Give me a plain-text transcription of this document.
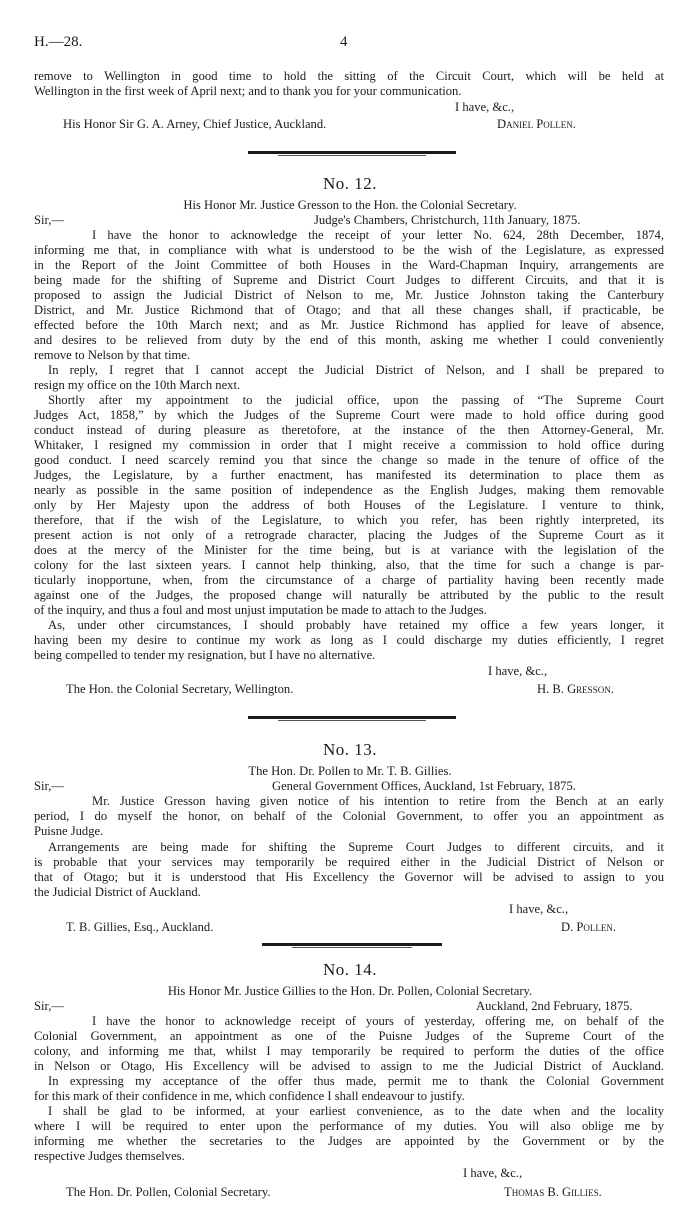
H.—28.	4
remove to Wellington in good time to hold the sitting of the Circuit Court, which will be held at
Wellington in the first week of April next; and to thank you for your communication.
I have, &c.,
His Honor Sir G. A. Arney, Chief Justice, Auckland.	Daniel Pollen.
No. 12.
His Honor Mr. Justice Gresson to the Hon. the Colonial Secretary.
Sir,—	Judge's Chambers, Christchurch, 11th January, 1875.
I have the honor to acknowledge the receipt of your letter No. 624, 28th December, 1874,
informing me that, in compliance with what is understood to be the wish of the Legislature, as expressed
in the Report of the Joint Committee of both Houses in the Ward-Chapman Inquiry, arrangements are
being made for the shifting of Supreme and District Court Judges to different Circuits, and that it is
proposed to assign the Judicial District of Nelson to me, Mr. Justice Johnston taking the Canterbury
District, and Mr. Justice Richmond that of Otago; and that all these changes shall, if practicable, be
effected before the 10th March next; and as Mr. Justice Richmond has applied for leave of absence,
and desires to be relieved from duty by the end of this month, asking me whether I could conveniently
remove to Nelson by that time.
In reply, I regret that I cannot accept the Judicial District of Nelson, and I shall be prepared to
resign my office on the 10th March next.
Shortly after my appointment to the judicial office, upon the passing of “The Supreme Court
Judges Act, 1858,” by which the Judges of the Supreme Court were made to hold office during good
conduct instead of during pleasure as theretofore, at the instance of the then Attorney-General, Mr.
Whitaker, I resigned my commission in order that I might receive a commission to hold office during
good conduct. I need scarcely remind you that since the change so made in the tenure of office of the
Judges, the Legislature, by a further enactment, has manifested its determination to place them as
nearly as possible in the same position of independence as the English Judges, making them removable
only by Her Majesty upon the address of both Houses of the Legislature. I venture to think,
therefore, that if the wish of the Legislature, to which you refer, has been rightly interpreted, its
present action is not only of a retrograde character, placing the Judges of the Supreme Court as it
does at the mercy of the Minister for the time being, but is at variance with the legislation of the
colony for the last sixteen years. I cannot help thinking, also, that the time for such a change is par-
ticularly inopportune, when, from the circumstance of a charge of partiality having been recently made
against one of the Judges, the proposed change will naturally be attributed by the public to the result
of the inquiry, and thus a foul and most unjust imputation be made to attach to the Judges.
As, under other circumstances, I should probably have retained my office a few years longer, it
having been my desire to continue my work as long as I could discharge my duties efficiently, I regret
being compelled to tender my resignation, but I have no alternative.
I have, &c.,
The Hon. the Colonial Secretary, Wellington.	H. B. Gresson.
No. 13.
The Hon. Dr. Pollen to Mr. T. B. Gillies.
Sir,—	General Government Offices, Auckland, 1st February, 1875.
Mr. Justice Gresson having given notice of his intention to retire from the Bench at an early
period, I do myself the honor, on behalf of the Colonial Government, to offer you an appointment as
Puisne Judge.
Arrangements are being made for shifting the Supreme Court Judges to different circuits, and it
is probable that your services may temporarily be required either in the Judicial District of Nelson or
that of Otago; but it is understood that His Excellency the Governor will be advised to assign to you
the Judicial District of Auckland.
I have, &c.,
T. B. Gillies, Esq., Auckland.	D. Pollen.
No. 14.
His Honor Mr. Justice Gillies to the Hon. Dr. Pollen, Colonial Secretary.
Sir,—	Auckland, 2nd February, 1875.
I have the honor to acknowledge receipt of yours of yesterday, offering me, on behalf of the
Colonial Government, an appointment as one of the Puisne Judges of the Supreme Court of the
colony, and informing me that, whilst I may temporarily be required to perform the duties of the office
in Nelson or Otago, His Excellency will be advised to assign to me the Judicial District of Auckland.
In expressing my acceptance of the offer thus made, permit me to thank the Colonial Government
for this mark of their confidence in me, which confidence I shall endeavour to justify.
I shall be glad to be informed, at your earliest convenience, as to the date when and the locality
where I will be required to enter upon the performance of my duties. You will also oblige me by
informing me whether the secretaries to the Judges are appointed by the Government or by the
respective Judges themselves.
I have, &c.,
The Hon. Dr. Pollen, Colonial Secretary.	Thomas B. Gillies.
